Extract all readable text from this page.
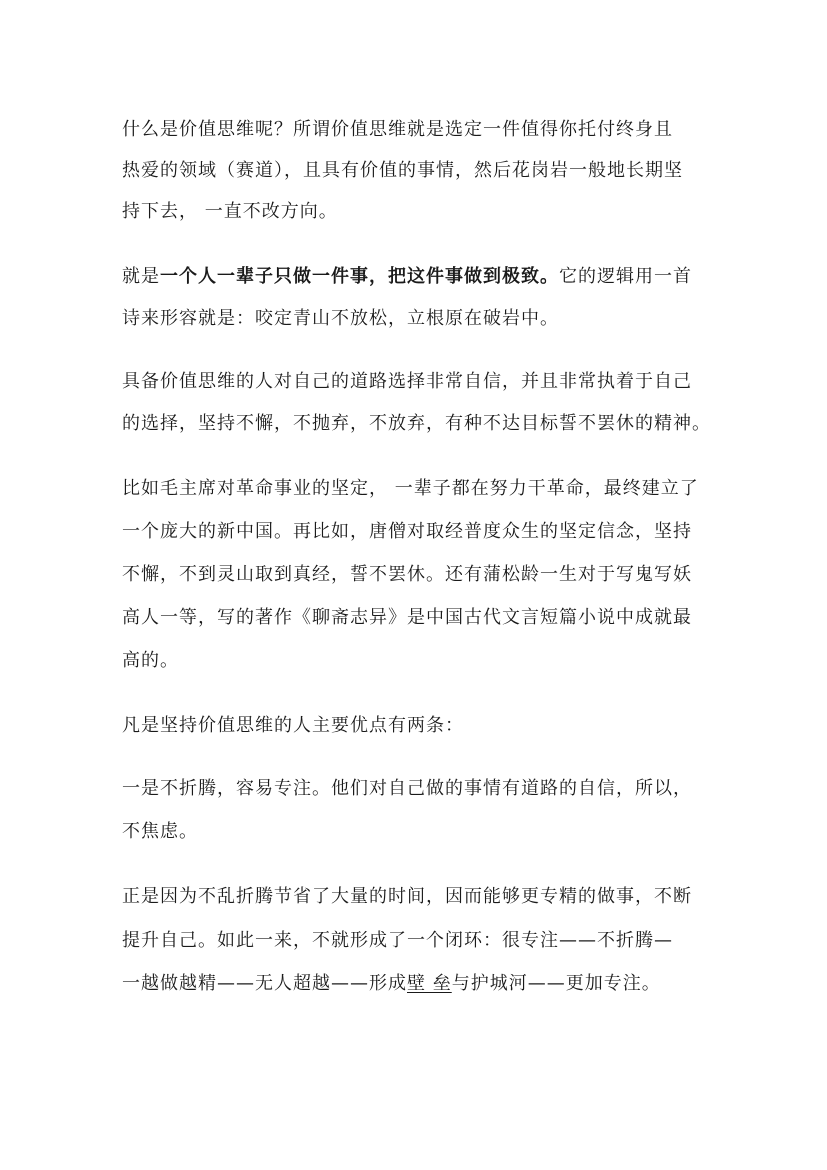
什么是价值思维呢？所谓价值思维就是选定一件值得你托付终身且
热爱的领域（赛道），且具有价值的事情，然后花岗岩一般地长期坚
持下去， 一直不改方向。
就是一个人一辈子只做一件事，把这件事做到极致。它的逻辑用一首
诗来形容就是：咬定青山不放松，立根原在破岩中。
具备价值思维的人对自己的道路选择非常自信，并且非常执着于自己
的选择，坚持不懈，不抛弃，不放弃，有种不达目标誓不罢休的精神。
比如毛主席对革命事业的坚定， 一辈子都在努力干革命，最终建立了
一个庞大的新中国。再比如，唐僧对取经普度众生的坚定信念，坚持
不懈，不到灵山取到真经，誓不罢休。还有蒲松龄一生对于写鬼写妖
高人一等，写的著作《聊斋志异》是中国古代文言短篇小说中成就最
高的。
凡是坚持价值思维的人主要优点有两条：
一是不折腾，容易专注。他们对自己做的事情有道路的自信，所以，
不焦虑。
正是因为不乱折腾节省了大量的时间，因而能够更专精的做事，不断
提升自己。如此一来，不就形成了一个闭环：很专注——不折腾—
一越做越精——无人超越——形成壁 垒与护城河——更加专注。
